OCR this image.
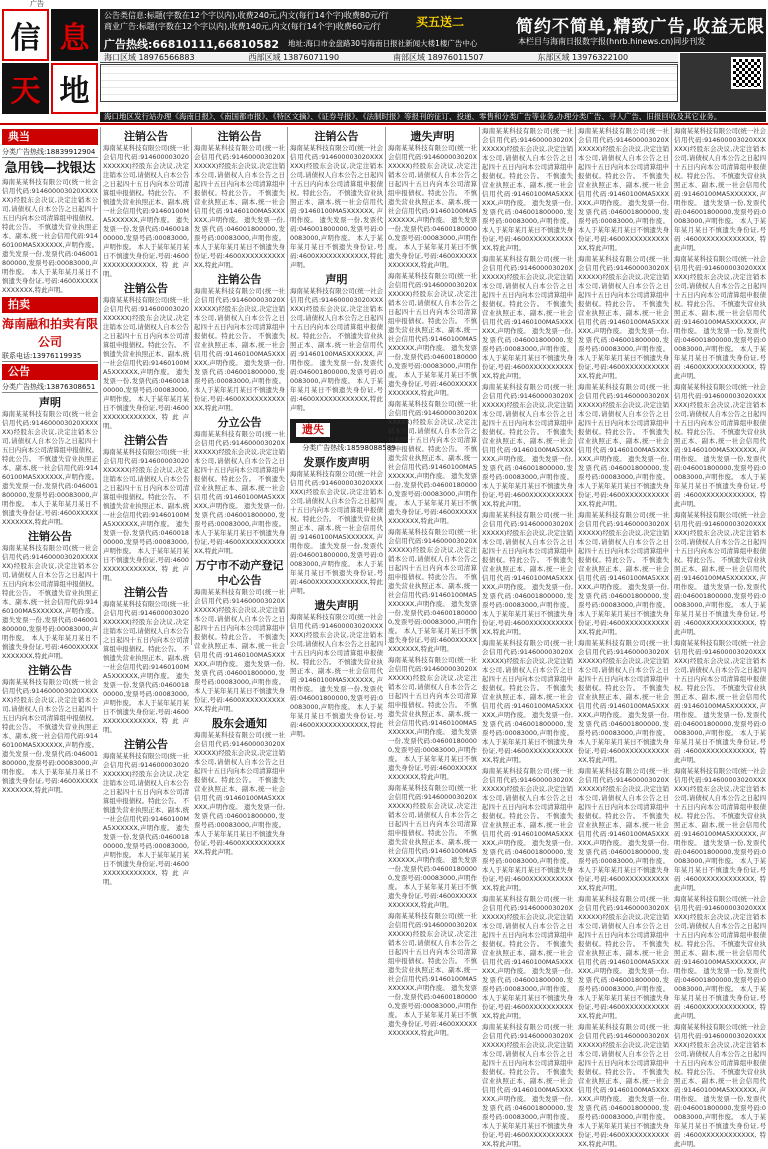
广告
信 息
天 地
公告类信息:标题(字数在12个字以内),收费240元,内文(每行14个字)收费80元/行
商业广告:标题(字数在12个字以内),收费140元,内文(每行14个字)收费60元/行
广告热线:66810111,66810582 地址:海口市金盘路30号海南日报社新闻大楼1楼广告中心
买五送二	简约不简单,精致广告,收益无限
本栏目与海南日报数字报(hnrb.hinews.cn)同步刊发
海口区域 18976566883	西部区域 13876071190	南部区域 18976011507	东部区域 13976322100
海口地区发行站办理《海南日报》、《南国都市报》、《特区文摘》、《证券导报》、《法制时报》等报刊的征订、投递、零售和分类广告等业务,办理分类广告、寻人广告、旧报回收及其它业务。
典当
分类广告热线:18839912904
急用钱—找银达

海南某某科技有限公司(统一社会信用代码:914600003020XXXXXX)经股东会决议,决定注销本公司,请债权人自本公告之日起四十五日内向本公司清算组申报债权。特此公告。 不慎遗失营业执照正本、副本,统一社会信用代码:91460100MA5XXXXXX,声明作废。 遗失发票一份,发票代码:046001800000,发票号码:00083000,声明作废。 本人于某年某月某日不慎遗失身份证,号码:4600XXXXXXXXXXXX,特此声明。

拍卖
海南融和拍卖有限公司
联系电话:13976119935
公告
分类广告热线:13876308651
声明

海南某某科技有限公司(统一社会信用代码:914600003020XXXXXX)经股东会决议,决定注销本公司,请债权人自本公告之日起四十五日内向本公司清算组申报债权。特此公告。 不慎遗失营业执照正本、副本,统一社会信用代码:91460100MA5XXXXXX,声明作废。 遗失发票一份,发票代码:046001800000,发票号码:00083000,声明作废。 本人于某年某月某日不慎遗失身份证,号码:4600XXXXXXXXXXXX,特此声明。

注销公告

海南某某科技有限公司(统一社会信用代码:914600003020XXXXXX)经股东会决议,决定注销本公司,请债权人自本公告之日起四十五日内向本公司清算组申报债权。特此公告。 不慎遗失营业执照正本、副本,统一社会信用代码:91460100MA5XXXXXX,声明作废。 遗失发票一份,发票代码:046001800000,发票号码:00083000,声明作废。 本人于某年某月某日不慎遗失身份证,号码:4600XXXXXXXXXXXX,特此声明。

注销公告

海南某某科技有限公司(统一社会信用代码:914600003020XXXXXX)经股东会决议,决定注销本公司,请债权人自本公告之日起四十五日内向本公司清算组申报债权。特此公告。 不慎遗失营业执照正本、副本,统一社会信用代码:91460100MA5XXXXXX,声明作废。 遗失发票一份,发票代码:046001800000,发票号码:00083000,声明作废。 本人于某年某月某日不慎遗失身份证,号码:4600XXXXXXXXXXXX,特此声明。

注销公告

海南某某科技有限公司(统一社会信用代码:914600003020XXXXXX)经股东会决议,决定注销本公司,请债权人自本公告之日起四十五日内向本公司清算组申报债权。特此公告。 不慎遗失营业执照正本、副本,统一社会信用代码:91460100MA5XXXXXX,声明作废。 遗失发票一份,发票代码:046001800000,发票号码:00083000,声明作废。 本人于某年某月某日不慎遗失身份证,号码:4600XXXXXXXXXXXX,特此声明。

注销公告

海南某某科技有限公司(统一社会信用代码:914600003020XXXXXX)经股东会决议,决定注销本公司,请债权人自本公告之日起四十五日内向本公司清算组申报债权。特此公告。 不慎遗失营业执照正本、副本,统一社会信用代码:91460100MA5XXXXXX,声明作废。 遗失发票一份,发票代码:046001800000,发票号码:00083000,声明作废。 本人于某年某月某日不慎遗失身份证,号码:4600XXXXXXXXXXXX,特此声明。

注销公告

海南某某科技有限公司(统一社会信用代码:914600003020XXXXXX)经股东会决议,决定注销本公司,请债权人自本公告之日起四十五日内向本公司清算组申报债权。特此公告。 不慎遗失营业执照正本、副本,统一社会信用代码:91460100MA5XXXXXX,声明作废。 遗失发票一份,发票代码:046001800000,发票号码:00083000,声明作废。 本人于某年某月某日不慎遗失身份证,号码:4600XXXXXXXXXXXX,特此声明。

注销公告

海南某某科技有限公司(统一社会信用代码:914600003020XXXXXX)经股东会决议,决定注销本公司,请债权人自本公告之日起四十五日内向本公司清算组申报债权。特此公告。 不慎遗失营业执照正本、副本,统一社会信用代码:91460100MA5XXXXXX,声明作废。 遗失发票一份,发票代码:046001800000,发票号码:00083000,声明作废。 本人于某年某月某日不慎遗失身份证,号码:4600XXXXXXXXXXXX,特此声明。

注销公告

海南某某科技有限公司(统一社会信用代码:914600003020XXXXXX)经股东会决议,决定注销本公司,请债权人自本公告之日起四十五日内向本公司清算组申报债权。特此公告。 不慎遗失营业执照正本、副本,统一社会信用代码:91460100MA5XXXXXX,声明作废。 遗失发票一份,发票代码:046001800000,发票号码:00083000,声明作废。 本人于某年某月某日不慎遗失身份证,号码:4600XXXXXXXXXXXX,特此声明。

注销公告

海南某某科技有限公司(统一社会信用代码:914600003020XXXXXX)经股东会决议,决定注销本公司,请债权人自本公告之日起四十五日内向本公司清算组申报债权。特此公告。 不慎遗失营业执照正本、副本,统一社会信用代码:91460100MA5XXXXXX,声明作废。 遗失发票一份,发票代码:046001800000,发票号码:00083000,声明作废。 本人于某年某月某日不慎遗失身份证,号码:4600XXXXXXXXXXXX,特此声明。

注销公告

海南某某科技有限公司(统一社会信用代码:914600003020XXXXXX)经股东会决议,决定注销本公司,请债权人自本公告之日起四十五日内向本公司清算组申报债权。特此公告。 不慎遗失营业执照正本、副本,统一社会信用代码:91460100MA5XXXXXX,声明作废。 遗失发票一份,发票代码:046001800000,发票号码:00083000,声明作废。 本人于某年某月某日不慎遗失身份证,号码:4600XXXXXXXXXXXX,特此声明。

分立公告

海南某某科技有限公司(统一社会信用代码:914600003020XXXXXX)经股东会决议,决定注销本公司,请债权人自本公告之日起四十五日内向本公司清算组申报债权。特此公告。 不慎遗失营业执照正本、副本,统一社会信用代码:91460100MA5XXXXXX,声明作废。 遗失发票一份,发票代码:046001800000,发票号码:00083000,声明作废。 本人于某年某月某日不慎遗失身份证,号码:4600XXXXXXXXXXXX,特此声明。

万宁市不动产登记中心公告

海南某某科技有限公司(统一社会信用代码:914600003020XXXXXX)经股东会决议,决定注销本公司,请债权人自本公告之日起四十五日内向本公司清算组申报债权。特此公告。 不慎遗失营业执照正本、副本,统一社会信用代码:91460100MA5XXXXXX,声明作废。 遗失发票一份,发票代码:046001800000,发票号码:00083000,声明作废。 本人于某年某月某日不慎遗失身份证,号码:4600XXXXXXXXXXXX,特此声明。

股东会通知

海南某某科技有限公司(统一社会信用代码:914600003020XXXXXX)经股东会决议,决定注销本公司,请债权人自本公告之日起四十五日内向本公司清算组申报债权。特此公告。 不慎遗失营业执照正本、副本,统一社会信用代码:91460100MA5XXXXXX,声明作废。 遗失发票一份,发票代码:046001800000,发票号码:00083000,声明作废。 本人于某年某月某日不慎遗失身份证,号码:4600XXXXXXXXXXXX,特此声明。

注销公告

海南某某科技有限公司(统一社会信用代码:914600003020XXXXXX)经股东会决议,决定注销本公司,请债权人自本公告之日起四十五日内向本公司清算组申报债权。特此公告。 不慎遗失营业执照正本、副本,统一社会信用代码:91460100MA5XXXXXX,声明作废。 遗失发票一份,发票代码:046001800000,发票号码:00083000,声明作废。 本人于某年某月某日不慎遗失身份证,号码:4600XXXXXXXXXXXX,特此声明。

声明

海南某某科技有限公司(统一社会信用代码:914600003020XXXXXX)经股东会决议,决定注销本公司,请债权人自本公告之日起四十五日内向本公司清算组申报债权。特此公告。 不慎遗失营业执照正本、副本,统一社会信用代码:91460100MA5XXXXXX,声明作废。 遗失发票一份,发票代码:046001800000,发票号码:00083000,声明作废。 本人于某年某月某日不慎遗失身份证,号码:4600XXXXXXXXXXXX,特此声明。

遗失
分类广告热线:18598088589
发票作废声明

海南某某科技有限公司(统一社会信用代码:914600003020XXXXXX)经股东会决议,决定注销本公司,请债权人自本公告之日起四十五日内向本公司清算组申报债权。特此公告。 不慎遗失营业执照正本、副本,统一社会信用代码:91460100MA5XXXXXX,声明作废。 遗失发票一份,发票代码:046001800000,发票号码:00083000,声明作废。 本人于某年某月某日不慎遗失身份证,号码:4600XXXXXXXXXXXX,特此声明。

遗失声明

海南某某科技有限公司(统一社会信用代码:914600003020XXXXXX)经股东会决议,决定注销本公司,请债权人自本公告之日起四十五日内向本公司清算组申报债权。特此公告。 不慎遗失营业执照正本、副本,统一社会信用代码:91460100MA5XXXXXX,声明作废。 遗失发票一份,发票代码:046001800000,发票号码:00083000,声明作废。 本人于某年某月某日不慎遗失身份证,号码:4600XXXXXXXXXXXX,特此声明。

遗失声明

海南某某科技有限公司(统一社会信用代码:914600003020XXXXXX)经股东会决议,决定注销本公司,请债权人自本公告之日起四十五日内向本公司清算组申报债权。特此公告。 不慎遗失营业执照正本、副本,统一社会信用代码:91460100MA5XXXXXX,声明作废。 遗失发票一份,发票代码:046001800000,发票号码:00083000,声明作废。 本人于某年某月某日不慎遗失身份证,号码:4600XXXXXXXXXXXX,特此声明。

海南某某科技有限公司(统一社会信用代码:914600003020XXXXXX)经股东会决议,决定注销本公司,请债权人自本公告之日起四十五日内向本公司清算组申报债权。特此公告。 不慎遗失营业执照正本、副本,统一社会信用代码:91460100MA5XXXXXX,声明作废。 遗失发票一份,发票代码:046001800000,发票号码:00083000,声明作废。 本人于某年某月某日不慎遗失身份证,号码:4600XXXXXXXXXXXX,特此声明。

海南某某科技有限公司(统一社会信用代码:914600003020XXXXXX)经股东会决议,决定注销本公司,请债权人自本公告之日起四十五日内向本公司清算组申报债权。特此公告。 不慎遗失营业执照正本、副本,统一社会信用代码:91460100MA5XXXXXX,声明作废。 遗失发票一份,发票代码:046001800000,发票号码:00083000,声明作废。 本人于某年某月某日不慎遗失身份证,号码:4600XXXXXXXXXXXX,特此声明。

海南某某科技有限公司(统一社会信用代码:914600003020XXXXXX)经股东会决议,决定注销本公司,请债权人自本公告之日起四十五日内向本公司清算组申报债权。特此公告。 不慎遗失营业执照正本、副本,统一社会信用代码:91460100MA5XXXXXX,声明作废。 遗失发票一份,发票代码:046001800000,发票号码:00083000,声明作废。 本人于某年某月某日不慎遗失身份证,号码:4600XXXXXXXXXXXX,特此声明。

海南某某科技有限公司(统一社会信用代码:914600003020XXXXXX)经股东会决议,决定注销本公司,请债权人自本公告之日起四十五日内向本公司清算组申报债权。特此公告。 不慎遗失营业执照正本、副本,统一社会信用代码:91460100MA5XXXXXX,声明作废。 遗失发票一份,发票代码:046001800000,发票号码:00083000,声明作废。 本人于某年某月某日不慎遗失身份证,号码:4600XXXXXXXXXXXX,特此声明。

海南某某科技有限公司(统一社会信用代码:914600003020XXXXXX)经股东会决议,决定注销本公司,请债权人自本公告之日起四十五日内向本公司清算组申报债权。特此公告。 不慎遗失营业执照正本、副本,统一社会信用代码:91460100MA5XXXXXX,声明作废。 遗失发票一份,发票代码:046001800000,发票号码:00083000,声明作废。 本人于某年某月某日不慎遗失身份证,号码:4600XXXXXXXXXXXX,特此声明。

海南某某科技有限公司(统一社会信用代码:914600003020XXXXXX)经股东会决议,决定注销本公司,请债权人自本公告之日起四十五日内向本公司清算组申报债权。特此公告。 不慎遗失营业执照正本、副本,统一社会信用代码:91460100MA5XXXXXX,声明作废。 遗失发票一份,发票代码:046001800000,发票号码:00083000,声明作废。 本人于某年某月某日不慎遗失身份证,号码:4600XXXXXXXXXXXX,特此声明。

海南某某科技有限公司(统一社会信用代码:914600003020XXXXXX)经股东会决议,决定注销本公司,请债权人自本公告之日起四十五日内向本公司清算组申报债权。特此公告。 不慎遗失营业执照正本、副本,统一社会信用代码:91460100MA5XXXXXX,声明作废。 遗失发票一份,发票代码:046001800000,发票号码:00083000,声明作废。 本人于某年某月某日不慎遗失身份证,号码:4600XXXXXXXXXXXX,特此声明。

海南某某科技有限公司(统一社会信用代码:914600003020XXXXXX)经股东会决议,决定注销本公司,请债权人自本公告之日起四十五日内向本公司清算组申报债权。特此公告。 不慎遗失营业执照正本、副本,统一社会信用代码:91460100MA5XXXXXX,声明作废。 遗失发票一份,发票代码:046001800000,发票号码:00083000,声明作废。 本人于某年某月某日不慎遗失身份证,号码:4600XXXXXXXXXXXX,特此声明。

海南某某科技有限公司(统一社会信用代码:914600003020XXXXXX)经股东会决议,决定注销本公司,请债权人自本公告之日起四十五日内向本公司清算组申报债权。特此公告。 不慎遗失营业执照正本、副本,统一社会信用代码:91460100MA5XXXXXX,声明作废。 遗失发票一份,发票代码:046001800000,发票号码:00083000,声明作废。 本人于某年某月某日不慎遗失身份证,号码:4600XXXXXXXXXXXX,特此声明。

海南某某科技有限公司(统一社会信用代码:914600003020XXXXXX)经股东会决议,决定注销本公司,请债权人自本公告之日起四十五日内向本公司清算组申报债权。特此公告。 不慎遗失营业执照正本、副本,统一社会信用代码:91460100MA5XXXXXX,声明作废。 遗失发票一份,发票代码:046001800000,发票号码:00083000,声明作废。 本人于某年某月某日不慎遗失身份证,号码:4600XXXXXXXXXXXX,特此声明。

海南某某科技有限公司(统一社会信用代码:914600003020XXXXXX)经股东会决议,决定注销本公司,请债权人自本公告之日起四十五日内向本公司清算组申报债权。特此公告。 不慎遗失营业执照正本、副本,统一社会信用代码:91460100MA5XXXXXX,声明作废。 遗失发票一份,发票代码:046001800000,发票号码:00083000,声明作废。 本人于某年某月某日不慎遗失身份证,号码:4600XXXXXXXXXXXX,特此声明。

海南某某科技有限公司(统一社会信用代码:914600003020XXXXXX)经股东会决议,决定注销本公司,请债权人自本公告之日起四十五日内向本公司清算组申报债权。特此公告。 不慎遗失营业执照正本、副本,统一社会信用代码:91460100MA5XXXXXX,声明作废。 遗失发票一份,发票代码:046001800000,发票号码:00083000,声明作废。 本人于某年某月某日不慎遗失身份证,号码:4600XXXXXXXXXXXX,特此声明。

海南某某科技有限公司(统一社会信用代码:914600003020XXXXXX)经股东会决议,决定注销本公司,请债权人自本公告之日起四十五日内向本公司清算组申报债权。特此公告。 不慎遗失营业执照正本、副本,统一社会信用代码:91460100MA5XXXXXX,声明作废。 遗失发票一份,发票代码:046001800000,发票号码:00083000,声明作废。 本人于某年某月某日不慎遗失身份证,号码:4600XXXXXXXXXXXX,特此声明。

海南某某科技有限公司(统一社会信用代码:914600003020XXXXXX)经股东会决议,决定注销本公司,请债权人自本公告之日起四十五日内向本公司清算组申报债权。特此公告。 不慎遗失营业执照正本、副本,统一社会信用代码:91460100MA5XXXXXX,声明作废。 遗失发票一份,发票代码:046001800000,发票号码:00083000,声明作废。 本人于某年某月某日不慎遗失身份证,号码:4600XXXXXXXXXXXX,特此声明。

海南某某科技有限公司(统一社会信用代码:914600003020XXXXXX)经股东会决议,决定注销本公司,请债权人自本公告之日起四十五日内向本公司清算组申报债权。特此公告。 不慎遗失营业执照正本、副本,统一社会信用代码:91460100MA5XXXXXX,声明作废。 遗失发票一份,发票代码:046001800000,发票号码:00083000,声明作废。 本人于某年某月某日不慎遗失身份证,号码:4600XXXXXXXXXXXX,特此声明。

海南某某科技有限公司(统一社会信用代码:914600003020XXXXXX)经股东会决议,决定注销本公司,请债权人自本公告之日起四十五日内向本公司清算组申报债权。特此公告。 不慎遗失营业执照正本、副本,统一社会信用代码:91460100MA5XXXXXX,声明作废。 遗失发票一份,发票代码:046001800000,发票号码:00083000,声明作废。 本人于某年某月某日不慎遗失身份证,号码:4600XXXXXXXXXXXX,特此声明。

海南某某科技有限公司(统一社会信用代码:914600003020XXXXXX)经股东会决议,决定注销本公司,请债权人自本公告之日起四十五日内向本公司清算组申报债权。特此公告。 不慎遗失营业执照正本、副本,统一社会信用代码:91460100MA5XXXXXX,声明作废。 遗失发票一份,发票代码:046001800000,发票号码:00083000,声明作废。 本人于某年某月某日不慎遗失身份证,号码:4600XXXXXXXXXXXX,特此声明。

海南某某科技有限公司(统一社会信用代码:914600003020XXXXXX)经股东会决议,决定注销本公司,请债权人自本公告之日起四十五日内向本公司清算组申报债权。特此公告。 不慎遗失营业执照正本、副本,统一社会信用代码:91460100MA5XXXXXX,声明作废。 遗失发票一份,发票代码:046001800000,发票号码:00083000,声明作废。 本人于某年某月某日不慎遗失身份证,号码:4600XXXXXXXXXXXX,特此声明。

海南某某科技有限公司(统一社会信用代码:914600003020XXXXXX)经股东会决议,决定注销本公司,请债权人自本公告之日起四十五日内向本公司清算组申报债权。特此公告。 不慎遗失营业执照正本、副本,统一社会信用代码:91460100MA5XXXXXX,声明作废。 遗失发票一份,发票代码:046001800000,发票号码:00083000,声明作废。 本人于某年某月某日不慎遗失身份证,号码:4600XXXXXXXXXXXX,特此声明。

海南某某科技有限公司(统一社会信用代码:914600003020XXXXXX)经股东会决议,决定注销本公司,请债权人自本公告之日起四十五日内向本公司清算组申报债权。特此公告。 不慎遗失营业执照正本、副本,统一社会信用代码:91460100MA5XXXXXX,声明作废。 遗失发票一份,发票代码:046001800000,发票号码:00083000,声明作废。 本人于某年某月某日不慎遗失身份证,号码:4600XXXXXXXXXXXX,特此声明。

海南某某科技有限公司(统一社会信用代码:914600003020XXXXXX)经股东会决议,决定注销本公司,请债权人自本公告之日起四十五日内向本公司清算组申报债权。特此公告。 不慎遗失营业执照正本、副本,统一社会信用代码:91460100MA5XXXXXX,声明作废。 遗失发票一份,发票代码:046001800000,发票号码:00083000,声明作废。 本人于某年某月某日不慎遗失身份证,号码:4600XXXXXXXXXXXX,特此声明。

海南某某科技有限公司(统一社会信用代码:914600003020XXXXXX)经股东会决议,决定注销本公司,请债权人自本公告之日起四十五日内向本公司清算组申报债权。特此公告。 不慎遗失营业执照正本、副本,统一社会信用代码:91460100MA5XXXXXX,声明作废。 遗失发票一份,发票代码:046001800000,发票号码:00083000,声明作废。 本人于某年某月某日不慎遗失身份证,号码:4600XXXXXXXXXXXX,特此声明。

海南某某科技有限公司(统一社会信用代码:914600003020XXXXXX)经股东会决议,决定注销本公司,请债权人自本公告之日起四十五日内向本公司清算组申报债权。特此公告。 不慎遗失营业执照正本、副本,统一社会信用代码:91460100MA5XXXXXX,声明作废。 遗失发票一份,发票代码:046001800000,发票号码:00083000,声明作废。 本人于某年某月某日不慎遗失身份证,号码:4600XXXXXXXXXXXX,特此声明。

海南某某科技有限公司(统一社会信用代码:914600003020XXXXXX)经股东会决议,决定注销本公司,请债权人自本公告之日起四十五日内向本公司清算组申报债权。特此公告。 不慎遗失营业执照正本、副本,统一社会信用代码:91460100MA5XXXXXX,声明作废。 遗失发票一份,发票代码:046001800000,发票号码:00083000,声明作废。 本人于某年某月某日不慎遗失身份证,号码:4600XXXXXXXXXXXX,特此声明。

海南某某科技有限公司(统一社会信用代码:914600003020XXXXXX)经股东会决议,决定注销本公司,请债权人自本公告之日起四十五日内向本公司清算组申报债权。特此公告。 不慎遗失营业执照正本、副本,统一社会信用代码:91460100MA5XXXXXX,声明作废。 遗失发票一份,发票代码:046001800000,发票号码:00083000,声明作废。 本人于某年某月某日不慎遗失身份证,号码:4600XXXXXXXXXXXX,特此声明。

海南某某科技有限公司(统一社会信用代码:914600003020XXXXXX)经股东会决议,决定注销本公司,请债权人自本公告之日起四十五日内向本公司清算组申报债权。特此公告。 不慎遗失营业执照正本、副本,统一社会信用代码:91460100MA5XXXXXX,声明作废。 遗失发票一份,发票代码:046001800000,发票号码:00083000,声明作废。 本人于某年某月某日不慎遗失身份证,号码:4600XXXXXXXXXXXX,特此声明。

海南某某科技有限公司(统一社会信用代码:914600003020XXXXXX)经股东会决议,决定注销本公司,请债权人自本公告之日起四十五日内向本公司清算组申报债权。特此公告。 不慎遗失营业执照正本、副本,统一社会信用代码:91460100MA5XXXXXX,声明作废。 遗失发票一份,发票代码:046001800000,发票号码:00083000,声明作废。 本人于某年某月某日不慎遗失身份证,号码:4600XXXXXXXXXXXX,特此声明。

海南某某科技有限公司(统一社会信用代码:914600003020XXXXXX)经股东会决议,决定注销本公司,请债权人自本公告之日起四十五日内向本公司清算组申报债权。特此公告。 不慎遗失营业执照正本、副本,统一社会信用代码:91460100MA5XXXXXX,声明作废。 遗失发票一份,发票代码:046001800000,发票号码:00083000,声明作废。 本人于某年某月某日不慎遗失身份证,号码:4600XXXXXXXXXXXX,特此声明。

海南某某科技有限公司(统一社会信用代码:914600003020XXXXXX)经股东会决议,决定注销本公司,请债权人自本公告之日起四十五日内向本公司清算组申报债权。特此公告。 不慎遗失营业执照正本、副本,统一社会信用代码:91460100MA5XXXXXX,声明作废。 遗失发票一份,发票代码:046001800000,发票号码:00083000,声明作废。 本人于某年某月某日不慎遗失身份证,号码:4600XXXXXXXXXXXX,特此声明。

海南某某科技有限公司(统一社会信用代码:914600003020XXXXXX)经股东会决议,决定注销本公司,请债权人自本公告之日起四十五日内向本公司清算组申报债权。特此公告。 不慎遗失营业执照正本、副本,统一社会信用代码:91460100MA5XXXXXX,声明作废。 遗失发票一份,发票代码:046001800000,发票号码:00083000,声明作废。 本人于某年某月某日不慎遗失身份证,号码:4600XXXXXXXXXXXX,特此声明。
